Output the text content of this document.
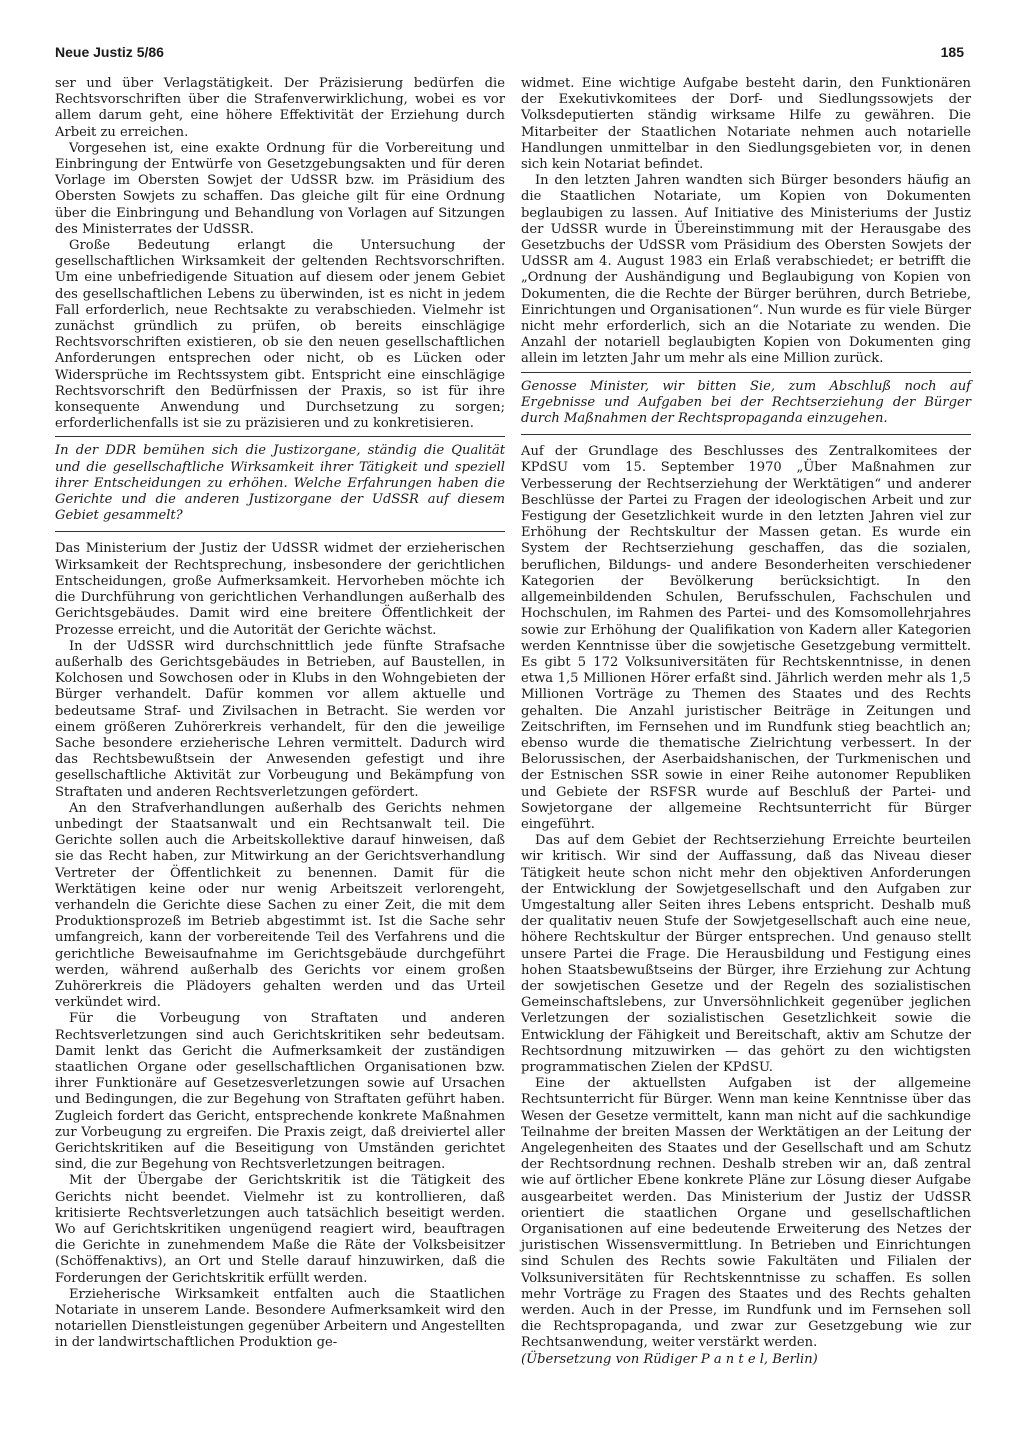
Neue Justiz 5/86	185

ser und über Verlagstätigkeit. Der Präzisierung bedürfen die Rechtsvorschriften über die Strafenverwirklichung, wobei es vor allem darum geht, eine höhere Effektivität der Erziehung durch Arbeit zu erreichen.

Vorgesehen ist, eine exakte Ordnung für die Vorbereitung und Einbringung der Entwürfe von Gesetzgebungsakten und für deren Vorlage im Obersten Sowjet der UdSSR bzw. im Präsidium des Obersten Sowjets zu schaffen. Das gleiche gilt für eine Ordnung über die Einbringung und Behandlung von Vorlagen auf Sitzungen des Ministerrates der UdSSR.

Große Bedeutung erlangt die Untersuchung der gesellschaftlichen Wirksamkeit der geltenden Rechtsvorschriften. Um eine unbefriedigende Situation auf diesem oder jenem Gebiet des gesellschaftlichen Lebens zu überwinden, ist es nicht in jedem Fall erforderlich, neue Rechtsakte zu verabschieden. Vielmehr ist zunächst gründlich zu prüfen, ob bereits einschlägige Rechtsvorschriften existieren, ob sie den neuen gesellschaftlichen Anforderungen entsprechen oder nicht, ob es Lücken oder Widersprüche im Rechtssystem gibt. Entspricht eine einschlägige Rechtsvorschrift den Bedürfnissen der Praxis, so ist für ihre konsequente Anwendung und Durchsetzung zu sorgen; erforderlichenfalls ist sie zu präzisieren und zu konkretisieren.

In der DDR bemühen sich die Justizorgane, ständig die Qualität und die gesellschaftliche Wirksamkeit ihrer Tätigkeit und speziell ihrer Entscheidungen zu erhöhen. Welche Erfahrungen haben die Gerichte und die anderen Justizorgane der UdSSR auf diesem Gebiet gesammelt?

Das Ministerium der Justiz der UdSSR widmet der erzieherischen Wirksamkeit der Rechtsprechung, insbesondere der gerichtlichen Entscheidungen, große Aufmerksamkeit. Hervorheben möchte ich die Durchführung von gerichtlichen Verhandlungen außerhalb des Gerichtsgebäudes. Damit wird eine breitere Öffentlichkeit der Prozesse erreicht, und die Autorität der Gerichte wächst.

In der UdSSR wird durchschnittlich jede fünfte Strafsache außerhalb des Gerichtsgebäudes in Betrieben, auf Baustellen, in Kolchosen und Sowchosen oder in Klubs in den Wohngebieten der Bürger verhandelt. Dafür kommen vor allem aktuelle und bedeutsame Straf- und Zivilsachen in Betracht. Sie werden vor einem größeren Zuhörerkreis verhandelt, für den die jeweilige Sache besondere erzieherische Lehren vermittelt. Dadurch wird das Rechtsbewußtsein der Anwesenden gefestigt und ihre gesellschaftliche Aktivität zur Vorbeugung und Bekämpfung von Straftaten und anderen Rechtsverletzungen gefördert.

An den Strafverhandlungen außerhalb des Gerichts nehmen unbedingt der Staatsanwalt und ein Rechtsanwalt teil. Die Gerichte sollen auch die Arbeitskollektive darauf hinweisen, daß sie das Recht haben, zur Mitwirkung an der Gerichtsverhandlung Vertreter der Öffentlichkeit zu benennen. Damit für die Werktätigen keine oder nur wenig Arbeitszeit verlorengeht, verhandeln die Gerichte diese Sachen zu einer Zeit, die mit dem Produktionsprozeß im Betrieb abgestimmt ist. Ist die Sache sehr umfangreich, kann der vorbereitende Teil des Verfahrens und die gerichtliche Beweisaufnahme im Gerichtsgebäude durchgeführt werden, während außerhalb des Gerichts vor einem großen Zuhörerkreis die Plädoyers gehalten werden und das Urteil verkündet wird.

Für die Vorbeugung von Straftaten und anderen Rechtsverletzungen sind auch Gerichtskritiken sehr bedeutsam. Damit lenkt das Gericht die Aufmerksamkeit der zuständigen staatlichen Organe oder gesellschaftlichen Organisationen bzw. ihrer Funktionäre auf Gesetzesverletzungen sowie auf Ursachen und Bedingungen, die zur Begehung von Straftaten geführt haben. Zugleich fordert das Gericht, entsprechende konkrete Maßnahmen zur Vorbeugung zu ergreifen. Die Praxis zeigt, daß dreiviertel aller Gerichtskritiken auf die Beseitigung von Umständen gerichtet sind, die zur Begehung von Rechtsverletzungen beitragen.

Mit der Übergabe der Gerichtskritik ist die Tätigkeit des Gerichts nicht beendet. Vielmehr ist zu kontrollieren, daß kritisierte Rechtsverletzungen auch tatsächlich beseitigt werden. Wo auf Gerichtskritiken ungenügend reagiert wird, beauftragen die Gerichte in zunehmendem Maße die Räte der Volksbeisitzer (Schöffenaktivs), an Ort und Stelle darauf hinzuwirken, daß die Forderungen der Gerichtskritik erfüllt werden.

Erzieherische Wirksamkeit entfalten auch die Staatlichen Notariate in unserem Lande. Besondere Aufmerksamkeit wird den notariellen Dienstleistungen gegenüber Arbeitern und Angestellten in der landwirtschaftlichen Produktion ge-

widmet. Eine wichtige Aufgabe besteht darin, den Funktionären der Exekutivkomitees der Dorf- und Siedlungssowjets der Volksdeputierten ständig wirksame Hilfe zu gewähren. Die Mitarbeiter der Staatlichen Notariate nehmen auch notarielle Handlungen unmittelbar in den Siedlungsgebieten vor, in denen sich kein Notariat befindet.

In den letzten Jahren wandten sich Bürger besonders häufig an die Staatlichen Notariate, um Kopien von Dokumenten beglaubigen zu lassen. Auf Initiative des Ministeriums der Justiz der UdSSR wurde in Übereinstimmung mit der Herausgabe des Gesetzbuchs der UdSSR vom Präsidium des Obersten Sowjets der UdSSR am 4. August 1983 ein Erlaß verabschiedet; er betrifft die „Ordnung der Aushändigung und Beglaubigung von Kopien von Dokumenten, die die Rechte der Bürger berühren, durch Betriebe, Einrichtungen und Organisationen“. Nun wurde es für viele Bürger nicht mehr erforderlich, sich an die Notariate zu wenden. Die Anzahl der notariell beglaubigten Kopien von Dokumenten ging allein im letzten Jahr um mehr als eine Million zurück.

Genosse Minister, wir bitten Sie, zum Abschluß noch auf Ergebnisse und Aufgaben bei der Rechtserziehung der Bürger durch Maßnahmen der Rechtspropaganda einzugehen.

Auf der Grundlage des Beschlusses des Zentralkomitees der KPdSU vom 15. September 1970 „Über Maßnahmen zur Verbesserung der Rechtserziehung der Werktätigen“ und anderer Beschlüsse der Partei zu Fragen der ideologischen Arbeit und zur Festigung der Gesetzlichkeit wurde in den letzten Jahren viel zur Erhöhung der Rechtskultur der Massen getan. Es wurde ein System der Rechtserziehung geschaffen, das die sozialen, beruflichen, Bildungs- und andere Besonderheiten verschiedener Kategorien der Bevölkerung berücksichtigt. In den allgemeinbildenden Schulen, Berufsschulen, Fachschulen und Hochschulen, im Rahmen des Partei- und des Komsomollehrjahres sowie zur Erhöhung der Qualifikation von Kadern aller Kategorien werden Kenntnisse über die sowjetische Gesetzgebung vermittelt. Es gibt 5 172 Volksuniversitäten für Rechtskenntnisse, in denen etwa 1,5 Millionen Hörer erfaßt sind. Jährlich werden mehr als 1,5 Millionen Vorträge zu Themen des Staates und des Rechts gehalten. Die Anzahl juristischer Beiträge in Zeitungen und Zeitschriften, im Fernsehen und im Rundfunk stieg beachtlich an; ebenso wurde die thematische Zielrichtung verbessert. In der Belorussischen, der Aserbaidshanischen, der Turkmenischen und der Estnischen SSR sowie in einer Reihe autonomer Republiken und Gebiete der RSFSR wurde auf Beschluß der Partei- und Sowjetorgane der allgemeine Rechtsunterricht für Bürger eingeführt.

Das auf dem Gebiet der Rechtserziehung Erreichte beurteilen wir kritisch. Wir sind der Auffassung, daß das Niveau dieser Tätigkeit heute schon nicht mehr den objektiven Anforderungen der Entwicklung der Sowjetgesellschaft und den Aufgaben zur Umgestaltung aller Seiten ihres Lebens entspricht. Deshalb muß der qualitativ neuen Stufe der Sowjetgesellschaft auch eine neue, höhere Rechtskultur der Bürger entsprechen. Und genauso stellt unsere Partei die Frage. Die Herausbildung und Festigung eines hohen Staatsbewußtseins der Bürger, ihre Erziehung zur Achtung der sowjetischen Gesetze und der Regeln des sozialistischen Gemeinschaftslebens, zur Unversöhnlichkeit gegenüber jeglichen Verletzungen der sozialistischen Gesetzlichkeit sowie die Entwicklung der Fähigkeit und Bereitschaft, aktiv am Schutze der Rechtsordnung mitzuwirken — das gehört zu den wichtigsten programmatischen Zielen der KPdSU.

Eine der aktuellsten Aufgaben ist der allgemeine Rechtsunterricht für Bürger. Wenn man keine Kenntnisse über das Wesen der Gesetze vermittelt, kann man nicht auf die sachkundige Teilnahme der breiten Massen der Werktätigen an der Leitung der Angelegenheiten des Staates und der Gesellschaft und am Schutz der Rechtsordnung rechnen. Deshalb streben wir an, daß zentral wie auf örtlicher Ebene konkrete Pläne zur Lösung dieser Aufgabe ausgearbeitet werden. Das Ministerium der Justiz der UdSSR orientiert die staatlichen Organe und gesellschaftlichen Organisationen auf eine bedeutende Erweiterung des Netzes der juristischen Wissensvermittlung. In Betrieben und Einrichtungen sind Schulen des Rechts sowie Fakultäten und Filialen der Volksuniversitäten für Rechtskenntnisse zu schaffen. Es sollen mehr Vorträge zu Fragen des Staates und des Rechts gehalten werden. Auch in der Presse, im Rundfunk und im Fernsehen soll die Rechtspropaganda, und zwar zur Gesetzgebung wie zur Rechtsanwendung, weiter verstärkt werden.

(Übersetzung von Rüdiger P a n t e l, Berlin)
